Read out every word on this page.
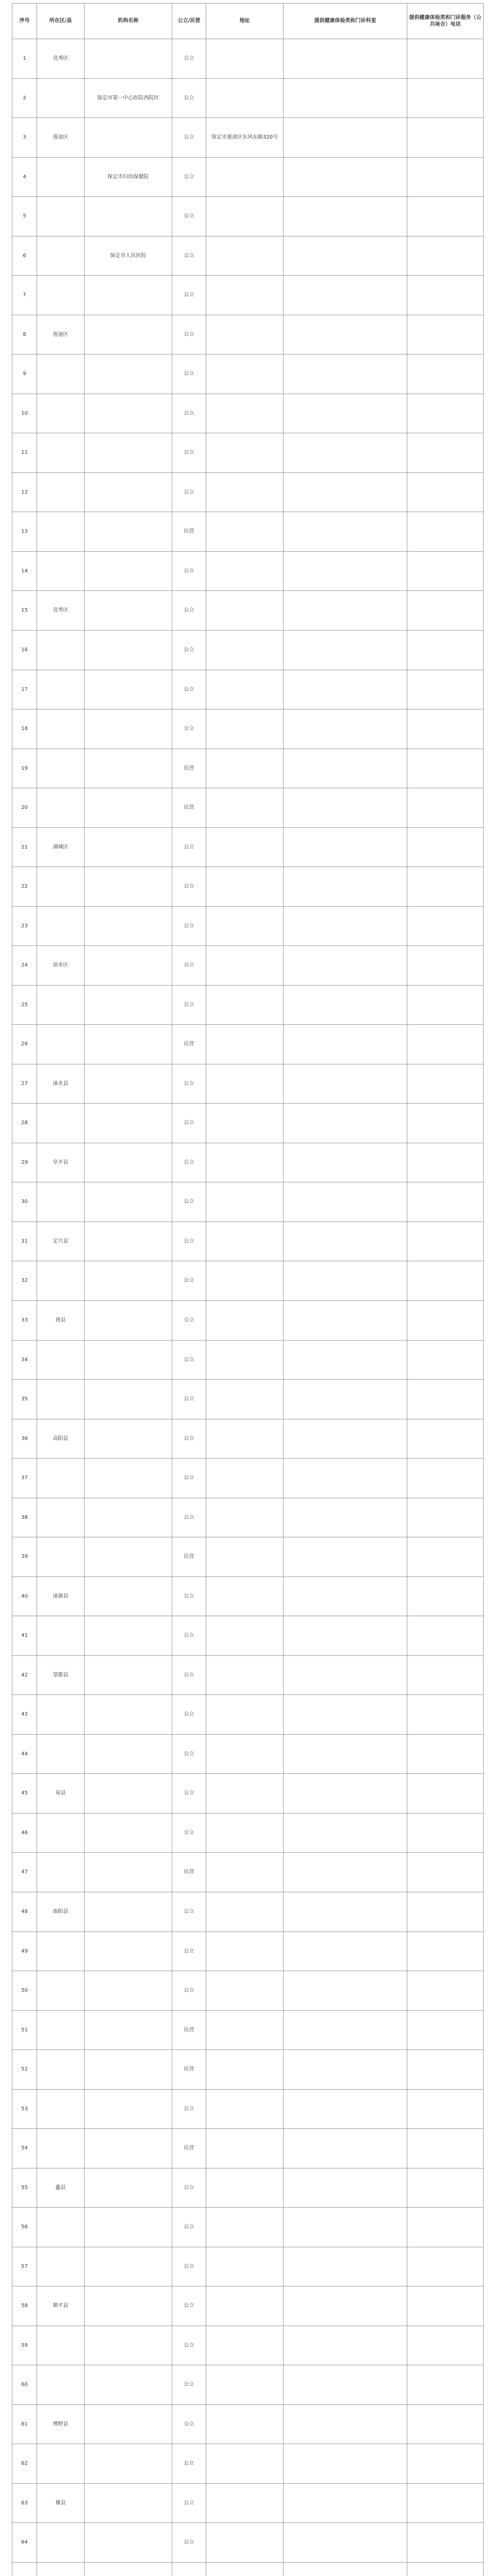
序号	所在区/县	机构名称	公立/民营	地址	提供健康体检类和门诊科室	提供健康体检类和门诊服务（公共场合）电话
1	竞秀区		公立			
2		保定市第一中心医院西院区	公立			
3	莲池区		公立	保定市莲池区东风东路320号		
4		保定市妇幼保健院	公立			
5			公立			
6		保定市人民医院	公立			
7			公立			
8	莲池区		公立			
9			公立			
10			公立			
11			公立			
12			公立			
13			民营			
14			公立			
15	竞秀区		公立			
16			公立			
17			公立			
18			公立			
19			民营			
20			民营			
21	满城区		公立			
22			公立			
23			公立			
24	徐水区		公立			
25			公立			
26			民营			
27	涞水县		公立			
28			公立			
29	阜平县		公立			
30			公立			
31	定兴县		公立			
32			公立			
33	唐县		公立			
34			公立			
35			公立			
36	高阳县		公立			
37			公立			
38			公立			
39			民营			
40	涞源县		公立			
41			公立			
42	望都县		公立			
43			公立			
44			公立			
45	易县		公立			
46			公立			
47			民营			
48	曲阳县		公立			
49			公立			
50			公立			
51			民营			
52			民营			
53			公立			
54			民营			
55	蠡县		公立			
56			公立			
57			公立			
58	顺平县		公立			
59			公立			
60			公立			
61	博野县		公立			
62			公立			
63	雄县		公立			
64			公立			
